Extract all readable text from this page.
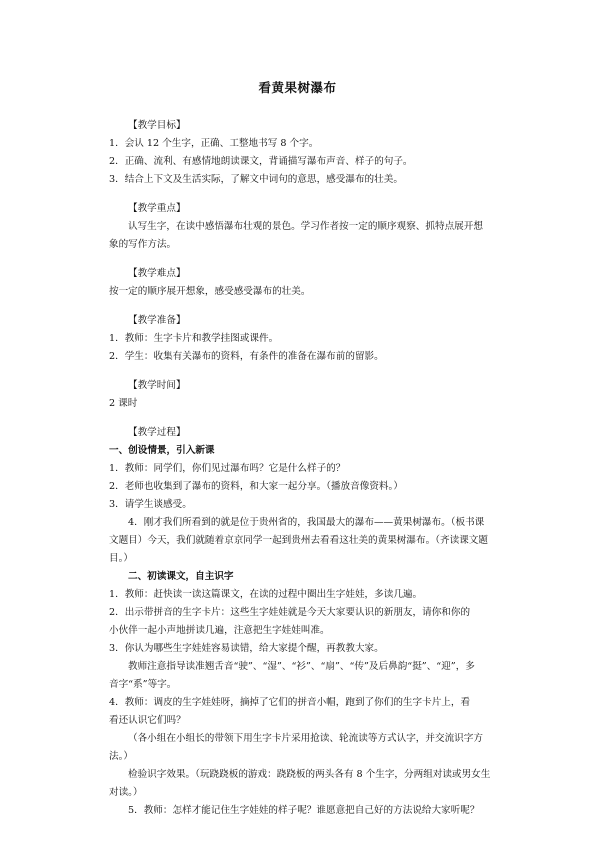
看黄果树瀑布
【教学目标】
1．会认 12 个生字，正确、工整地书写 8 个字。
2．正确、流利、有感情地朗读课文，背诵描写瀑布声音、样子的句子。
3．结合上下文及生活实际，了解文中词句的意思，感受瀑布的壮美。
【教学重点】
认写生字，在读中感悟瀑布壮观的景色。学习作者按一定的顺序观察、抓特点展开想
象的写作方法。
【教学难点】
按一定的顺序展开想象，感受感受瀑布的壮美。
【教学准备】
1．教师：生字卡片和教学挂图或课件。
2．学生：收集有关瀑布的资料，有条件的准备在瀑布前的留影。
【教学时间】
2 课时
【教学过程】
一、创设情景，引入新课
1．教师：同学们，你们见过瀑布吗？它是什么样子的？
2．老师也收集到了瀑布的资料，和大家一起分享。（播放音像资料。）
3．请学生谈感受。
4．刚才我们所看到的就是位于贵州省的，我国最大的瀑布——黄果树瀑布。（板书课
文题目）今天，我们就随着京京同学一起到贵州去看看这壮美的黄果树瀑布。（齐读课文题
目。）
二、初读课文，自主识字
1．教师：赶快读一读这篇课文，在读的过程中圈出生字娃娃，多读几遍。
2．出示带拼音的生字卡片：这些生字娃娃就是今天大家要认识的新朋友，请你和你的
小伙伴一起小声地拼读几遍，注意把生字娃娃叫准。
3．你认为哪些生字娃娃容易读错，给大家提个醒，再教教大家。
教师注意指导读准翘舌音“驶”、“湿”、“衫”、“扇”、“传”及后鼻韵“挺”、“迎”，多
音字“系”等字。
4．教师：调皮的生字娃娃呀，摘掉了它们的拼音小帽，跑到了你们的生字卡片上，看
看还认识它们吗？
（各小组在小组长的带领下用生字卡片采用抢读、轮流读等方式认字，并交流识字方
法。）
检验识字效果。（玩跷跷板的游戏：跷跷板的两头各有 8 个生字，分两组对读或男女生
对读。）
5．教师：怎样才能记住生字娃娃的样子呢？谁愿意把自己好的方法说给大家听呢？
